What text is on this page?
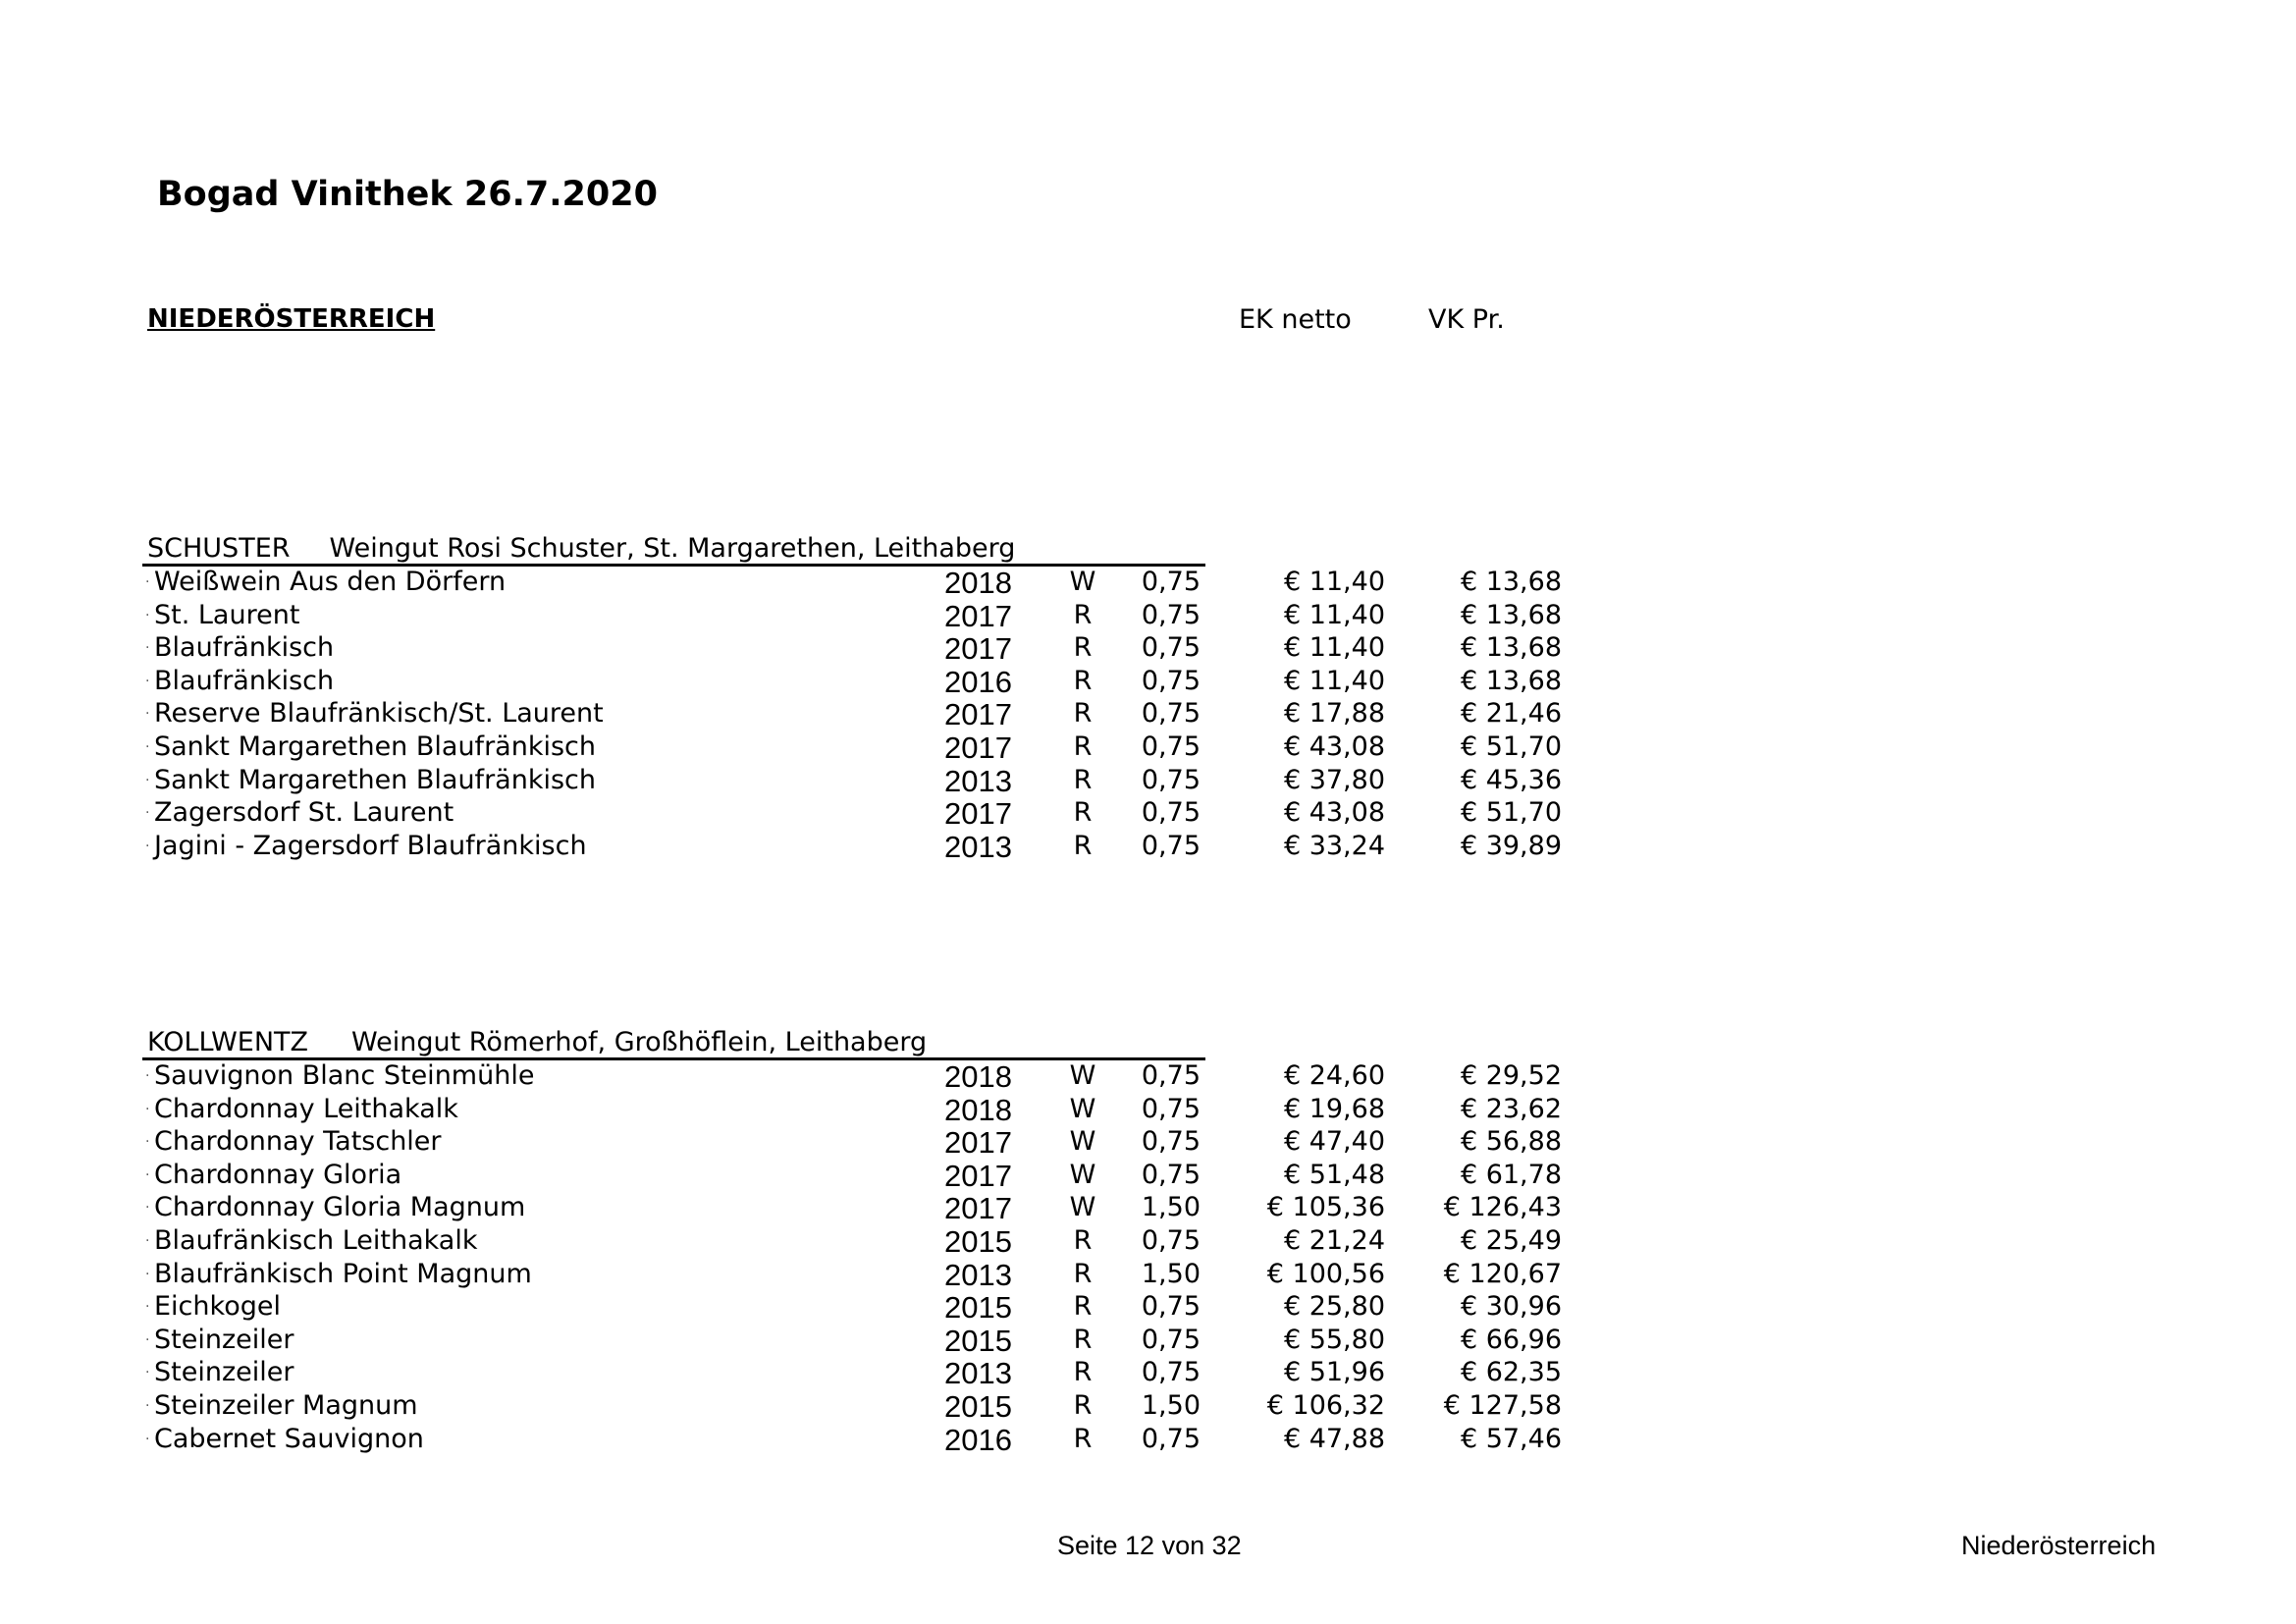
Bogad Vinithek 26.7.2020
NIEDERÖSTERREICH	EK netto	VK Pr.
SCHUSTER Weingut Rosi Schuster, St. Margarethen, Leithaberg
· Weißwein Aus den Dörfern	2018 W 0,75	€ 11,40	€ 13,68
· St. Laurent	2017 R 0,75	€ 11,40	€ 13,68
· Blaufränkisch	2017 R 0,75	€ 11,40	€ 13,68
· Blaufränkisch	2016 R 0,75	€ 11,40	€ 13,68
· Reserve Blaufränkisch/St. Laurent	2017 R 0,75	€ 17,88	€ 21,46
· Sankt Margarethen Blaufränkisch	2017 R 0,75	€ 43,08	€ 51,70
· Sankt Margarethen Blaufränkisch	2013 R 0,75	€ 37,80	€ 45,36
· Zagersdorf St. Laurent	2017 R 0,75	€ 43,08	€ 51,70
· Jagini - Zagersdorf Blaufränkisch	2013 R 0,75	€ 33,24	€ 39,89
KOLLWENTZ Weingut Römerhof, Großhöflein, Leithaberg
· Sauvignon Blanc Steinmühle	2018 W 0,75	€ 24,60	€ 29,52
· Chardonnay Leithakalk	2018 W 0,75	€ 19,68	€ 23,62
· Chardonnay Tatschler	2017 W 0,75	€ 47,40	€ 56,88
· Chardonnay Gloria	2017 W 0,75	€ 51,48	€ 61,78
· Chardonnay Gloria Magnum	2017 W 1,50	€ 105,36 € 126,43
· Blaufränkisch Leithakalk	2015 R 0,75	€ 21,24	€ 25,49
· Blaufränkisch Point Magnum	2013 R 1,50	€ 100,56 € 120,67
· Eichkogel	2015 R 0,75	€ 25,80	€ 30,96
· Steinzeiler	2015 R 0,75	€ 55,80	€ 66,96
· Steinzeiler	2013 R 0,75	€ 51,96	€ 62,35
· Steinzeiler Magnum	2015 R 1,50	€ 106,32 € 127,58
· Cabernet Sauvignon	2016 R 0,75	€ 47,88	€ 57,46
Seite 12 von 32	Niederösterreich
